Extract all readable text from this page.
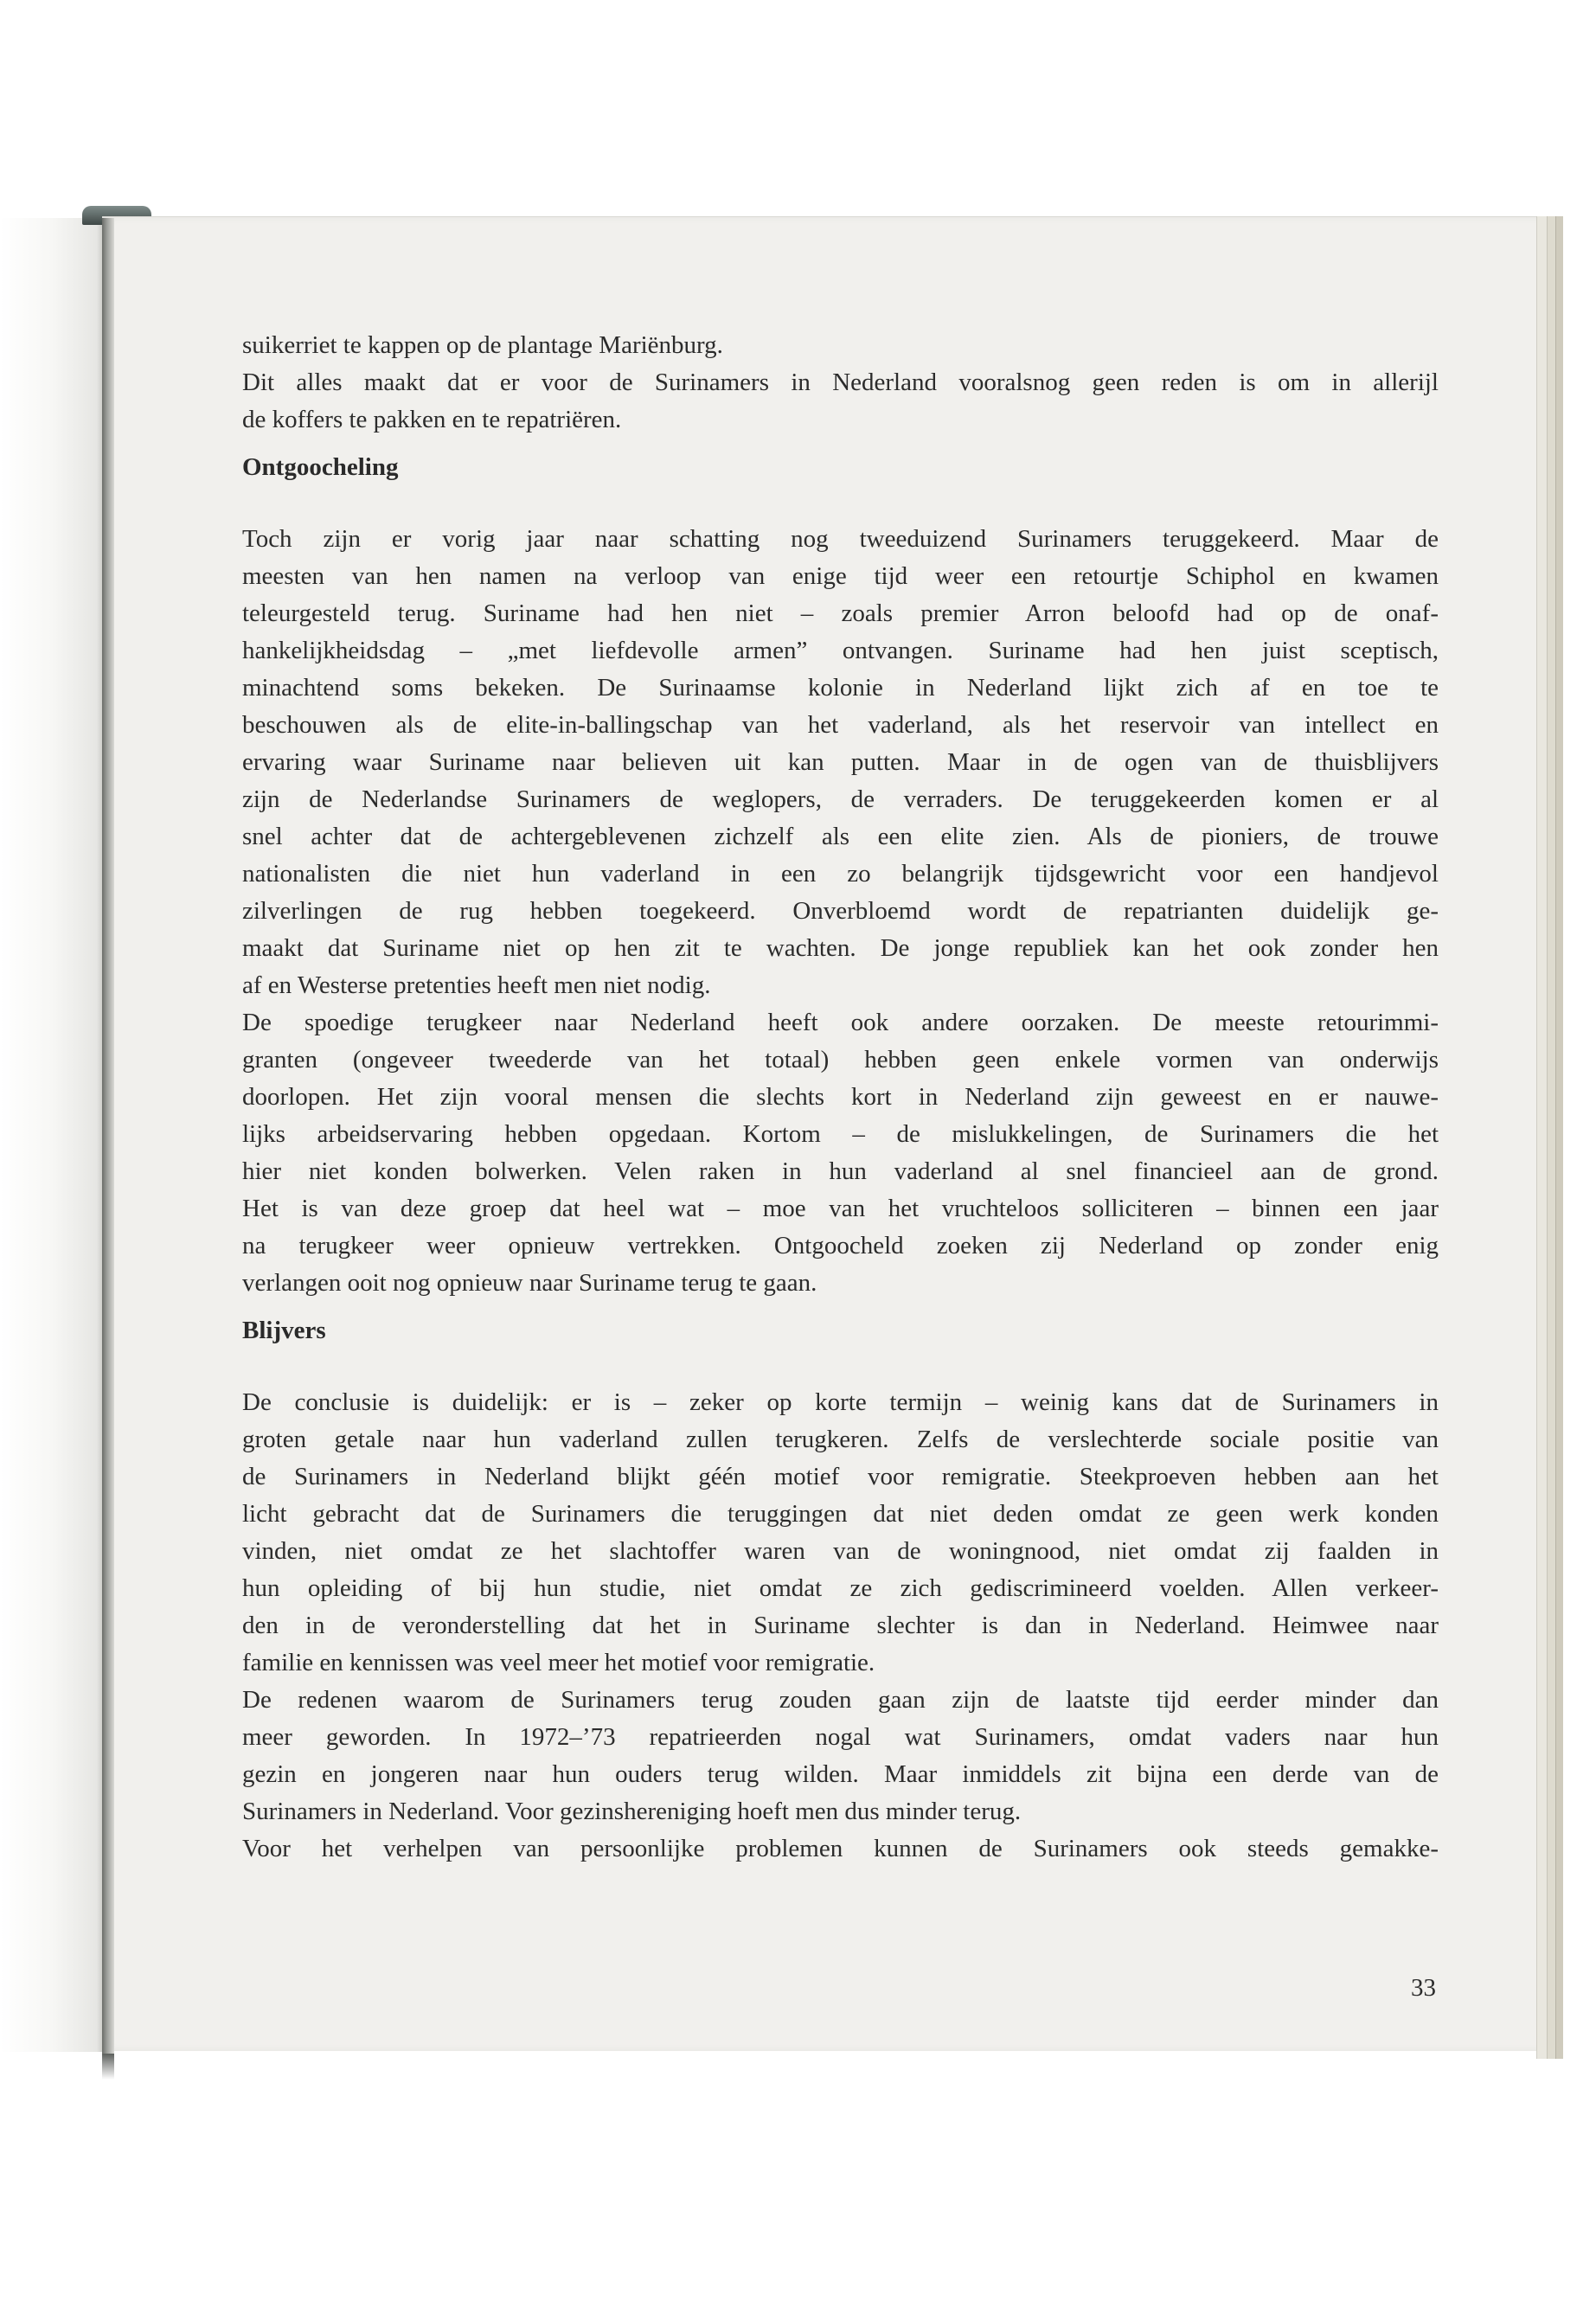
suikerriet te kappen op de plantage Mariënburg.
Dit alles maakt dat er voor de Surinamers in Nederland vooralsnog geen reden is om in allerijl
de koffers te pakken en te repatriëren.
Ontgoocheling
Toch zijn er vorig jaar naar schatting nog tweeduizend Surinamers teruggekeerd. Maar de
meesten van hen namen na verloop van enige tijd weer een retourtje Schiphol en kwamen
teleurgesteld terug. Suriname had hen niet – zoals premier Arron beloofd had op de onaf-
hankelijkheidsdag – „met liefdevolle armen” ontvangen. Suriname had hen juist sceptisch,
minachtend soms bekeken. De Surinaamse kolonie in Nederland lijkt zich af en toe te
beschouwen als de elite-in-ballingschap van het vaderland, als het reservoir van intellect en
ervaring waar Suriname naar believen uit kan putten. Maar in de ogen van de thuisblijvers
zijn de Nederlandse Surinamers de weglopers, de verraders. De teruggekeerden komen er al
snel achter dat de achtergeblevenen zichzelf als een elite zien. Als de pioniers, de trouwe
nationalisten die niet hun vaderland in een zo belangrijk tijdsgewricht voor een handjevol
zilverlingen de rug hebben toegekeerd. Onverbloemd wordt de repatrianten duidelijk ge-
maakt dat Suriname niet op hen zit te wachten. De jonge republiek kan het ook zonder hen
af en Westerse pretenties heeft men niet nodig.
De spoedige terugkeer naar Nederland heeft ook andere oorzaken. De meeste retourimmi-
granten (ongeveer tweederde van het totaal) hebben geen enkele vormen van onderwijs
doorlopen. Het zijn vooral mensen die slechts kort in Nederland zijn geweest en er nauwe-
lijks arbeidservaring hebben opgedaan. Kortom – de mislukkelingen, de Surinamers die het
hier niet konden bolwerken. Velen raken in hun vaderland al snel financieel aan de grond.
Het is van deze groep dat heel wat – moe van het vruchteloos solliciteren – binnen een jaar
na terugkeer weer opnieuw vertrekken. Ontgoocheld zoeken zij Nederland op zonder enig
verlangen ooit nog opnieuw naar Suriname terug te gaan.
Blijvers
De conclusie is duidelijk: er is – zeker op korte termijn – weinig kans dat de Surinamers in
groten getale naar hun vaderland zullen terugkeren. Zelfs de verslechterde sociale positie van
de Surinamers in Nederland blijkt géén motief voor remigratie. Steekproeven hebben aan het
licht gebracht dat de Surinamers die teruggingen dat niet deden omdat ze geen werk konden
vinden, niet omdat ze het slachtoffer waren van de woningnood, niet omdat zij faalden in
hun opleiding of bij hun studie, niet omdat ze zich gediscrimineerd voelden. Allen verkeer-
den in de veronderstelling dat het in Suriname slechter is dan in Nederland. Heimwee naar
familie en kennissen was veel meer het motief voor remigratie.
De redenen waarom de Surinamers terug zouden gaan zijn de laatste tijd eerder minder dan
meer geworden. In 1972–’73 repatrieerden nogal wat Surinamers, omdat vaders naar hun
gezin en jongeren naar hun ouders terug wilden. Maar inmiddels zit bijna een derde van de
Surinamers in Nederland. Voor gezinshereniging hoeft men dus minder terug.
Voor het verhelpen van persoonlijke problemen kunnen de Surinamers ook steeds gemakke-
33
